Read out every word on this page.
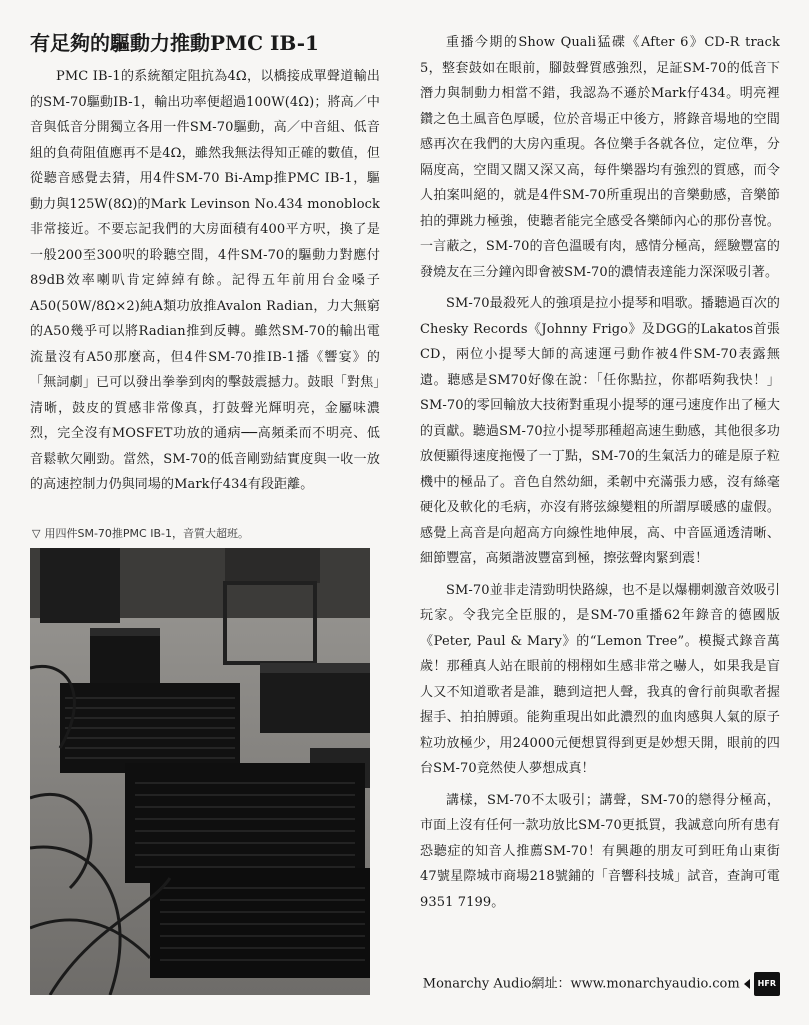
有足夠的驅動力推動PMC IB-1

PMC IB-1的系統額定阻抗為4Ω，以橋接成單聲道輸出的SM-70驅動IB-1，輸出功率便超過100W(4Ω)；將高／中音與低音分開獨立各用一件SM-70驅動，高／中音組、低音組的負荷阻值應再不是4Ω，雖然我無法得知正確的數值，但從聽音感覺去猜，用4件SM-70 Bi-Amp推PMC IB-1，驅動力與125W(8Ω)的Mark Levinson No.434 monoblock非常接近。不要忘記我們的大房面積有400平方呎，換了是一般200至300呎的聆聽空間，4件SM-70的驅動力對應付89dB效率喇叭肯定綽綽有餘。記得五年前用台金嗓子A50(50W/8Ω×2)純A類功放推Avalon Radian，力大無窮的A50幾乎可以將Radian推到反轉。雖然SM-70的輸出電流量沒有A50那麼高，但4件SM-70推IB-1播《響宴》的「無詞劇」已可以發出拳拳到肉的擊鼓震撼力。鼓眼「對焦」清晰，鼓皮的質感非常像真，打鼓聲光輝明亮，金屬味濃烈，完全沒有MOSFET功放的通病──高頻柔而不明亮、低音鬆軟欠剛勁。當然，SM-70的低音剛勁結實度與一收一放的高速控制力仍與同場的Mark仔434有段距離。

▽ 用四件SM-70推PMC IB-1，音質大超班。

重播今期的Show Quali猛碟《After 6》CD-R track 5，整套鼓如在眼前，腳鼓聲質感強烈，足証SM-70的低音下潛力與制動力相當不錯，我認為不遜於Mark仔434。明亮裡鑽之色土風音色厚暖，位於音場正中後方，將錄音場地的空間感再次在我們的大房內重現。各位樂手各就各位，定位準，分隔度高，空間又闊又深又高，每件樂器均有強烈的質感，而令人拍案叫絕的，就是4件SM-70所重現出的音樂動感，音樂節拍的彈跳力極強，使聽者能完全感受各樂師內心的那份喜悅。一言蔽之，SM-70的音色溫暖有肉，感情分極高，經驗豐富的發燒友在三分鐘內即會被SM-70的濃情表達能力深深吸引著。

SM-70最殺死人的強項是拉小提琴和唱歌。播聽過百次的Chesky Records《Johnny Frigo》及DGG的Lakatos首張CD，兩位小提琴大師的高速運弓動作被4件SM-70表露無遺。聽感是SM70好像在說：「任你點拉，你都唔夠我快！」SM-70的零回輸放大技術對重現小提琴的運弓速度作出了極大的貢獻。聽過SM-70拉小提琴那種超高速生動感，其他很多功放便顯得速度拖慢了一丁點，SM-70的生氣活力的確是原子粒機中的極品了。音色自然幼細，柔韌中充滿張力感，沒有絲毫硬化及軟化的毛病，亦沒有將弦線變粗的所謂厚暖感的虛假。感覺上高音是向超高方向線性地伸展，高、中音區通透清晰、細節豐富，高頻諧波豐富到極，擦弦聲肉緊到震！

SM-70並非走清勁明快路線，也不是以爆棚刺激音效吸引玩家。令我完全臣服的，是SM-70重播62年錄音的德國版《Peter, Paul & Mary》的“Lemon Tree”。模擬式錄音萬歲！那種真人站在眼前的栩栩如生感非常之嚇人，如果我是盲人又不知道歌者是誰，聽到這把人聲，我真的會行前與歌者握握手、拍拍膊頭。能夠重現出如此濃烈的血肉感與人氣的原子粒功放極少，用24000元便想買得到更是妙想天開，眼前的四台SM-70竟然使人夢想成真！

講樣，SM-70不太吸引；講聲，SM-70的戀得分極高，市面上沒有任何一款功放比SM-70更抵買，我誠意向所有患有恐聽症的知音人推薦SM-70！有興趣的朋友可到旺角山東街47號星際城市商場218號鋪的「音響科技城」試音，查詢可電9351 7199。

Monarchy Audio網址：www.monarchyaudio.com HFR
